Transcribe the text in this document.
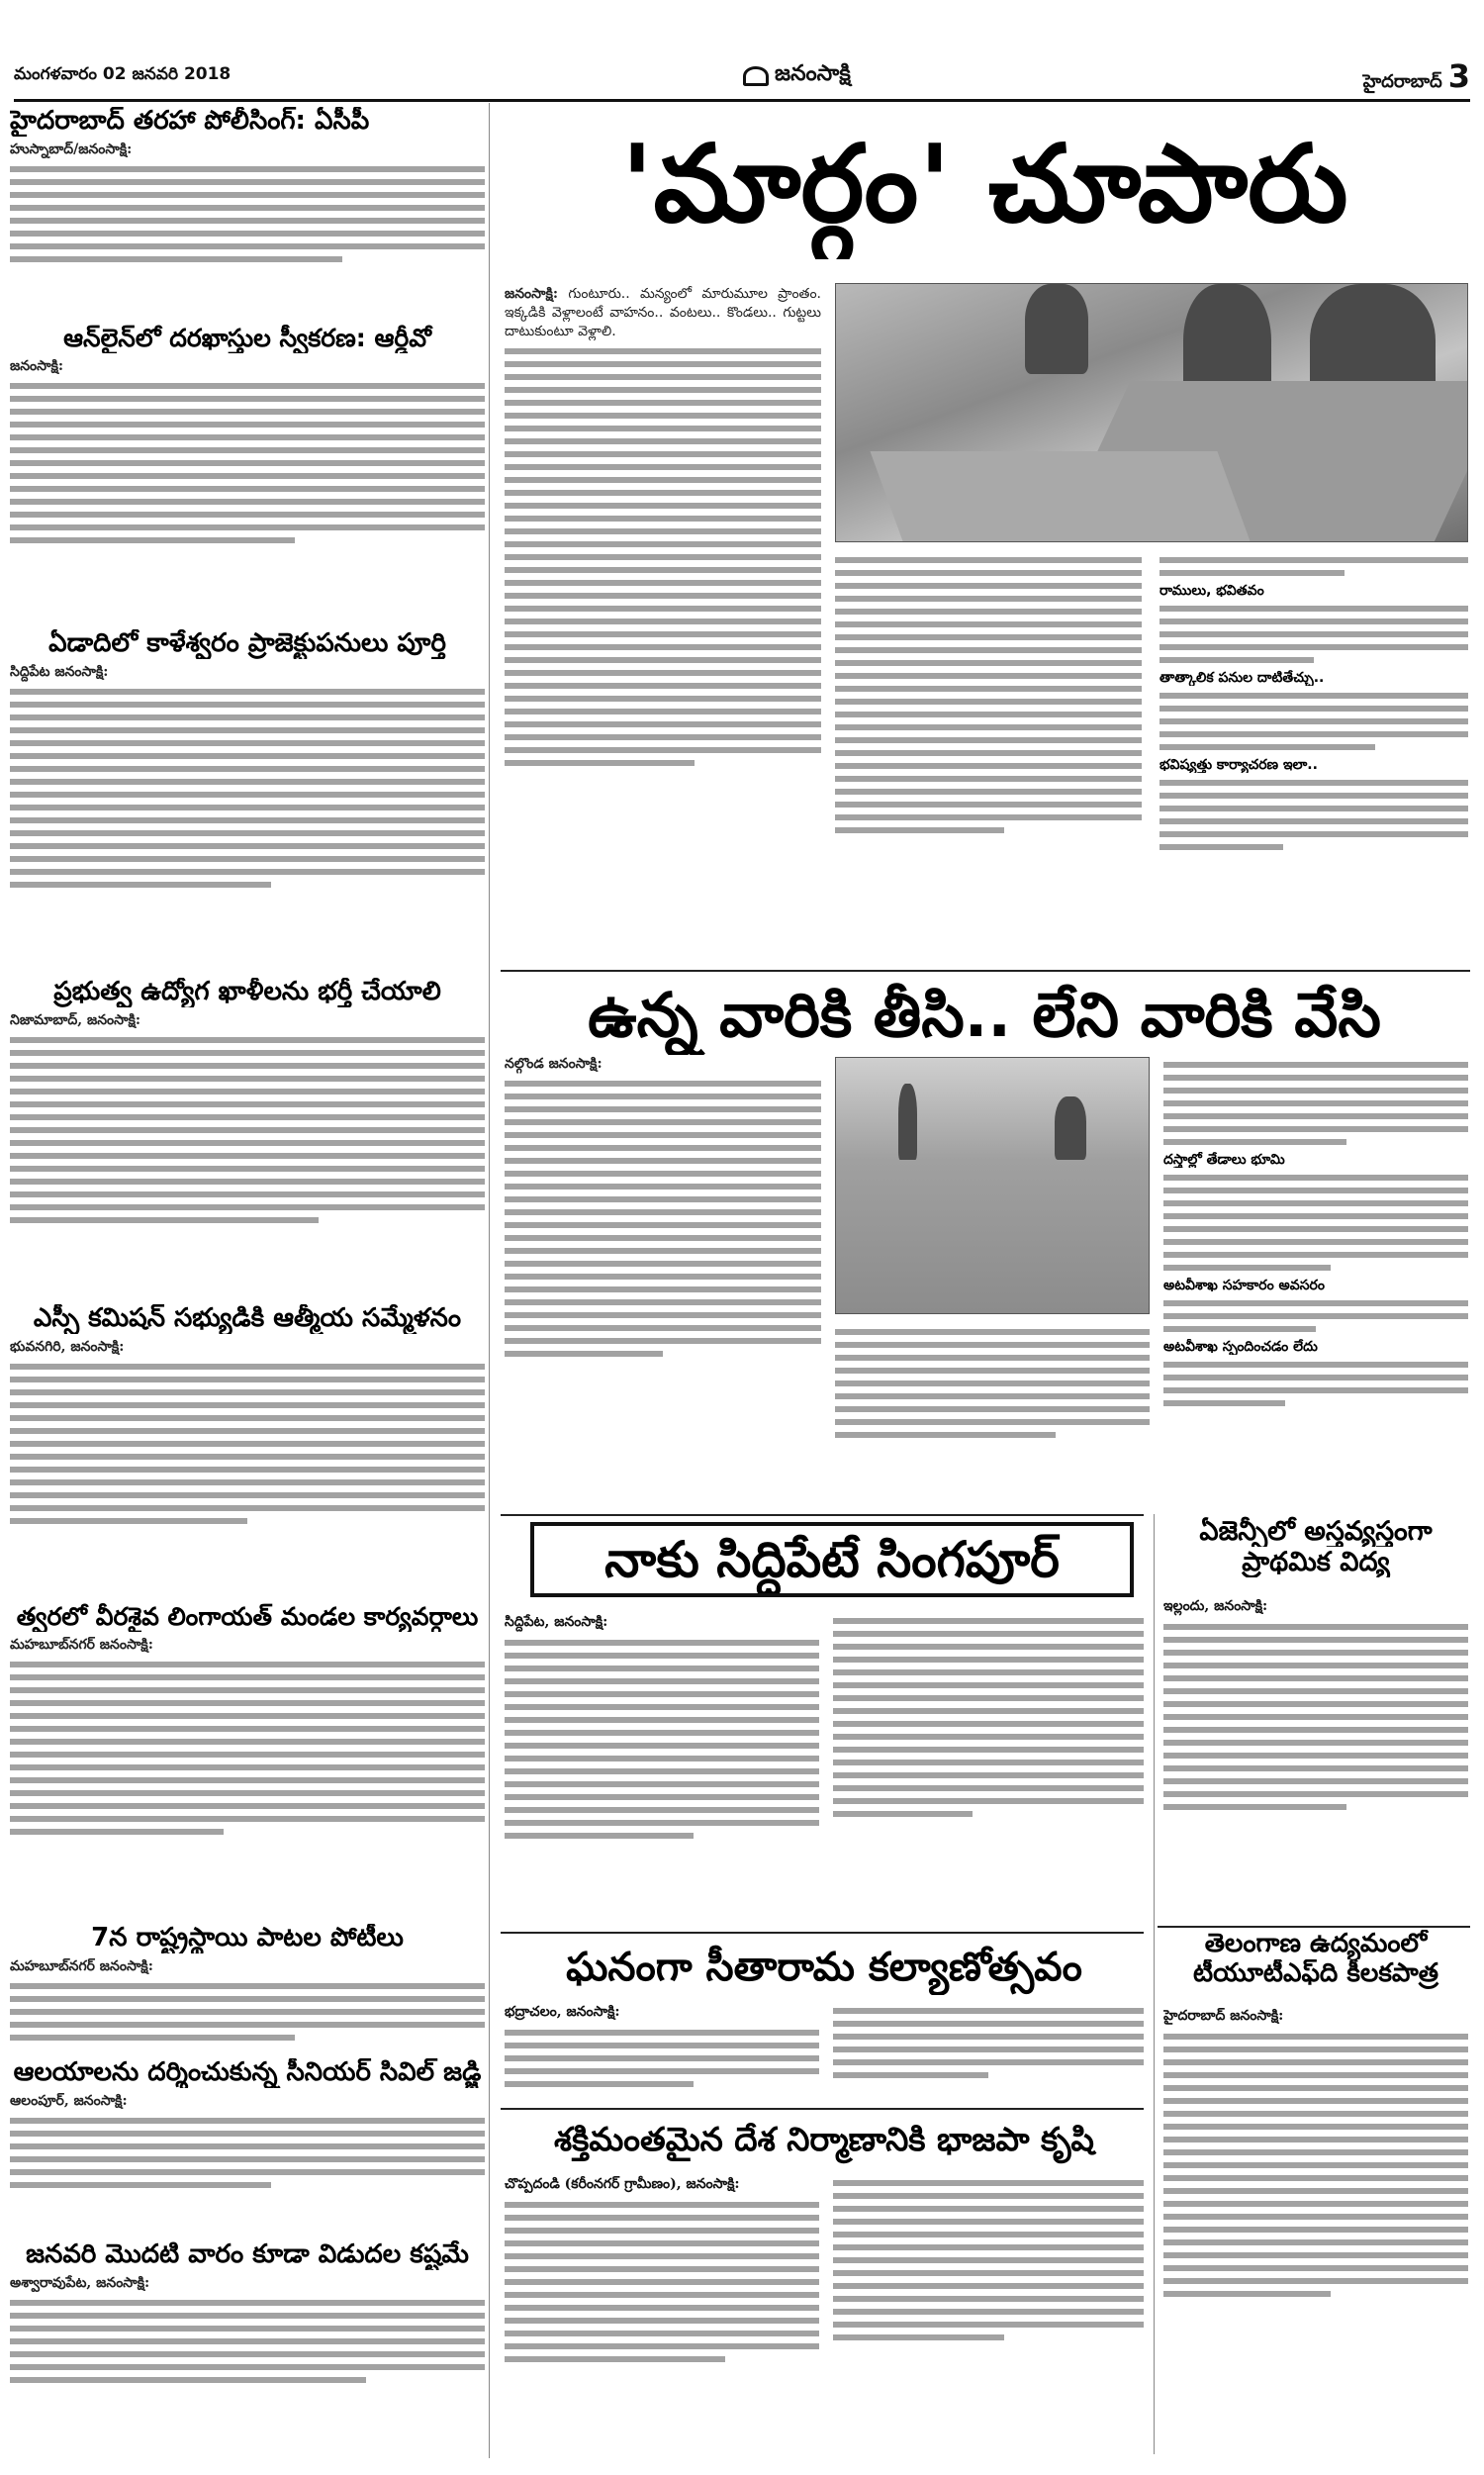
మంగళవారం 02 జనవరి 2018	జనంసాక్షి	హైదరాబాద్ 3
హైదరాబాద్ తరహా పోలీసింగ్: ఏసీపీ
హుస్నాబాద్/జనంసాక్షి:
ఆన్‌లైన్‌లో దరఖాస్తుల స్వీకరణ: ఆర్డీవో
జనంసాక్షి:
ఏడాదిలో కాళేశ్వరం ప్రాజెక్టుపనులు పూర్తి
సిద్దిపేట జనంసాక్షి:
ప్రభుత్వ ఉద్యోగ ఖాళీలను భర్తీ చేయాలి
నిజామాబాద్, జనంసాక్షి:
ఎస్సీ కమిషన్ సభ్యుడికి ఆత్మీయ సమ్మేళనం
భువనగిరి, జనంసాక్షి:
త్వరలో వీరశైవ లింగాయత్ మండల కార్యవర్గాలు
మహబూబ్‌నగర్ జనంసాక్షి:
7న రాష్ట్రస్థాయి పాటల పోటీలు
మహబూబ్‌నగర్ జనంసాక్షి:
ఆలయాలను దర్శించుకున్న సీనియర్ సివిల్ జడ్జి
ఆలంపూర్, జనంసాక్షి:
జనవరి మొదటి వారం కూడా విడుదల కష్టమే
అశ్వారావుపేట, జనంసాక్షి:
'మార్గం' చూపారు
జనంసాక్షి: గుంటూరు.. మన్యంలో మారుమూల ప్రాంతం. ఇక్కడికి వెళ్లాలంటే వాహనం.. వంటలు.. కొండలు.. గుట్టలు దాటుకుంటూ వెళ్లాలి.
రాములు, భవితవం
తాత్కాలిక పనుల దాటితేచ్చు..
భవిష్యత్తు కార్యాచరణ ఇలా..
ఉన్న వారికి తీసి.. లేని వారికి వేసి
నల్గొండ జనంసాక్షి:
దస్త్రాల్లో తేడాలు భూమి
అటవీశాఖ సహకారం అవసరం
అటవీశాఖ స్పందించడం లేదు
నాకు సిద్దిపేటే సింగపూర్
సిద్దిపేట, జనంసాక్షి:
ఘనంగా సీతారామ కల్యాణోత్సవం
భద్రాచలం, జనంసాక్షి:
శక్తిమంతమైన దేశ నిర్మాణానికి భాజపా కృషి
చొప్పదండి (కరీంనగర్ గ్రామీణం), జనంసాక్షి:
ఏజెన్సీలో అస్తవ్యస్తంగా
ప్రాథమిక విద్య
ఇల్లందు, జనంసాక్షి:
తెలంగాణ ఉద్యమంలో
టీయూటీఎఫ్‌ది కీలకపాత్ర
హైదరాబాద్ జనంసాక్షి:
